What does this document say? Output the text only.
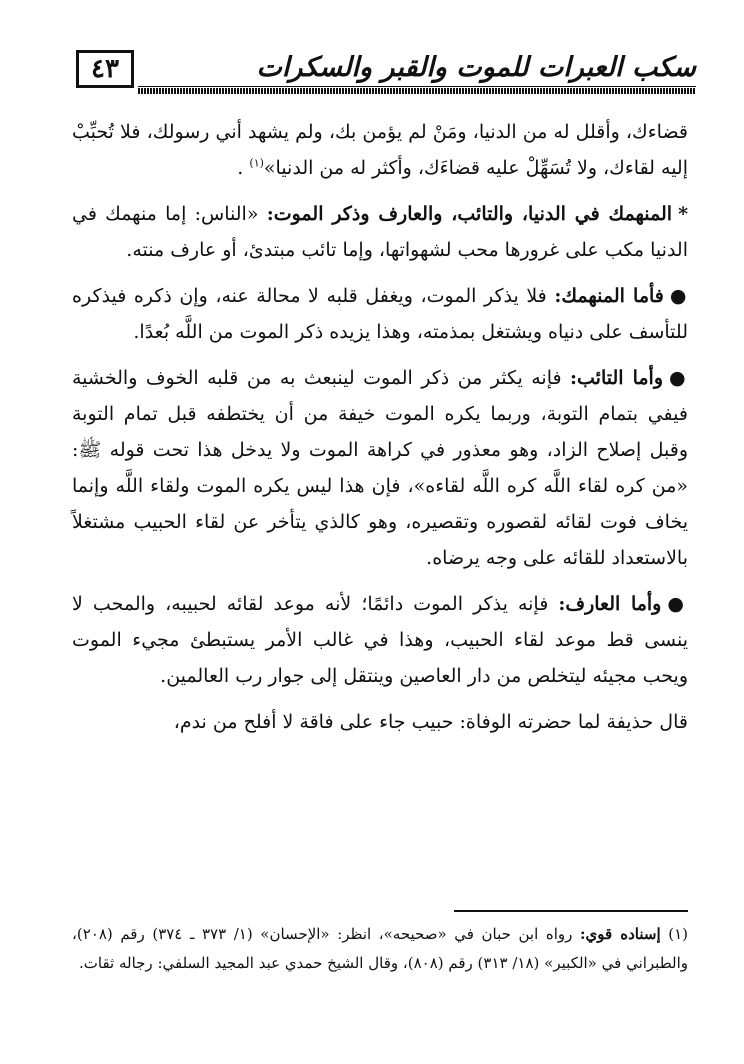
٤٣	سكب العبرات للموت والقبر والسكرات

قضاءك، وأقلل له من الدنيا، ومَنْ لم يؤمن بك، ولم يشهد أني رسولك، فلا تُحبِّبْ إليه لقاءك، ولا تُسَهِّلْ عليه قضاءَك، وأكثر له من الدنيا»$^{(١)}$ .

*المنهمك في الدنيا، والتائب، والعارف وذكر الموت: «الناس: إما منهمك في الدنيا مكب على غرورها محب لشهواتها، وإما تائب مبتدئ، أو عارف منته.

●فأما المنهمك: فلا يذكر الموت، ويغفل قلبه لا محالة عنه، وإن ذكره فيذكره للتأسف على دنياه ويشتغل بمذمته، وهذا يزيده ذكر الموت من اللَّه بُعدًا.

●وأما التائب: فإنه يكثر من ذكر الموت لينبعث به من قلبه الخوف والخشية فيفي بتمام التوبة، وربما يكره الموت خيفة من أن يختطفه قبل تمام التوبة وقبل إصلاح الزاد، وهو معذور في كراهة الموت ولا يدخل هذا تحت قوله ﷺ: «من كره لقاء اللَّه كره اللَّه لقاءه»، فإن هذا ليس يكره الموت ولقاء اللَّه وإنما يخاف فوت لقائه لقصوره وتقصيره، وهو كالذي يتأخر عن لقاء الحبيب مشتغلاً بالاستعداد للقائه على وجه يرضاه.

●وأما العارف: فإنه يذكر الموت دائمًا؛ لأنه موعد لقائه لحبيبه، والمحب لا ينسى قط موعد لقاء الحبيب، وهذا في غالب الأمر يستبطئ مجيء الموت ويحب مجيئه ليتخلص من دار العاصين وينتقل إلى جوار رب العالمين.

قال حذيفة لما حضرته الوفاة: حبيب جاء على فاقة لا أفلح من ندم،

(١) إسناده قوي: رواه ابن حبان في «صحيحه»، انظر: «الإحسان» (١/ ٣٧٣ ـ ٣٧٤) رقم (٢٠٨)، والطبراني في «الكبير» (١٨/ ٣١٣) رقم (٨٠٨)، وقال الشيخ حمدي عبد المجيد السلفي: رجاله ثقات.
